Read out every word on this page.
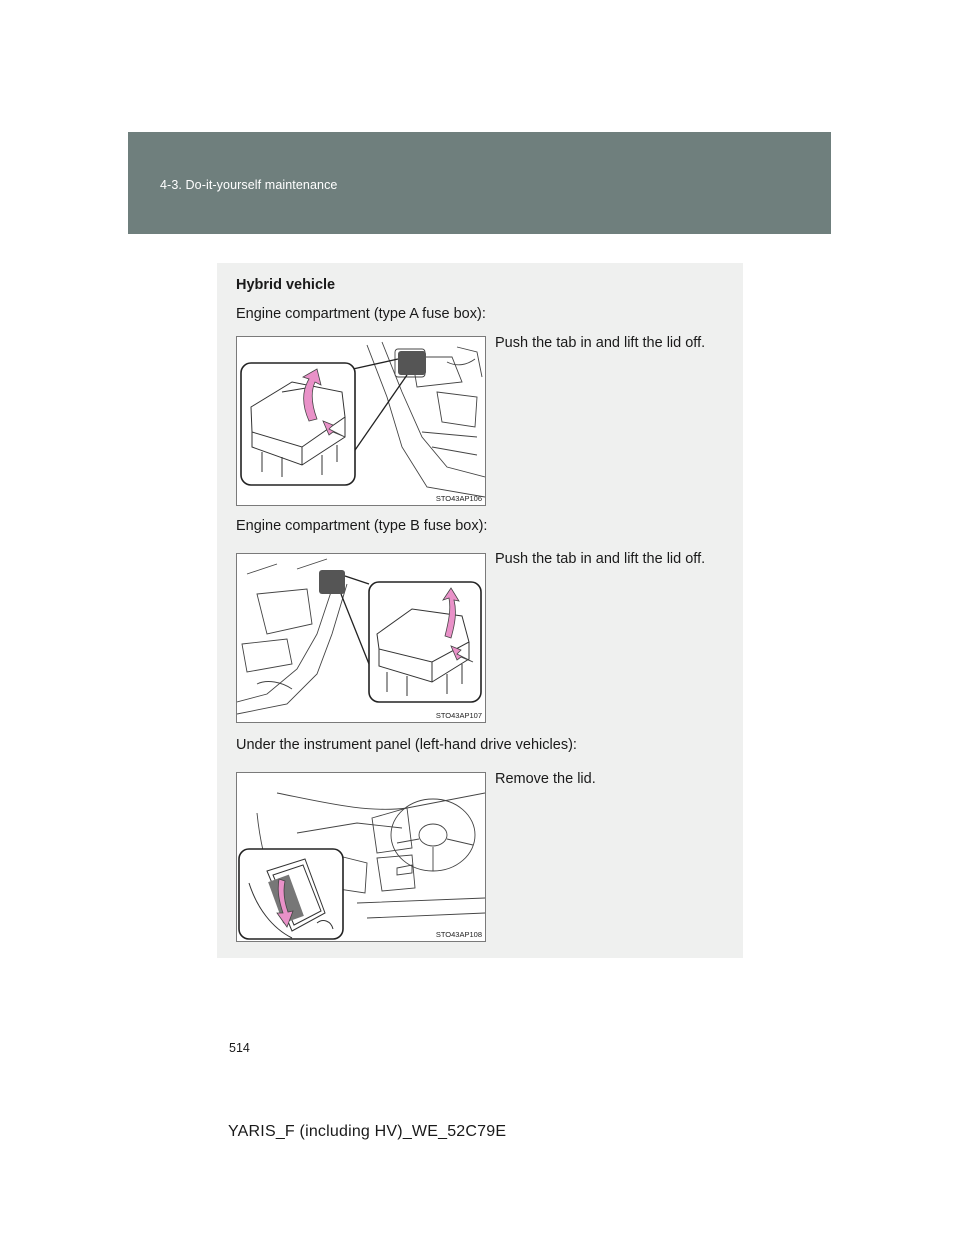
4-3. Do-it-yourself maintenance
Hybrid vehicle
Engine compartment (type A fuse box):
Push the tab in and lift the lid off.
STO43AP106
Engine compartment (type B fuse box):
Push the tab in and lift the lid off.
STO43AP107
Under the instrument panel (left-hand drive vehicles):
Remove the lid.
STO43AP108
514
YARIS_F (including HV)_WE_52C79E
